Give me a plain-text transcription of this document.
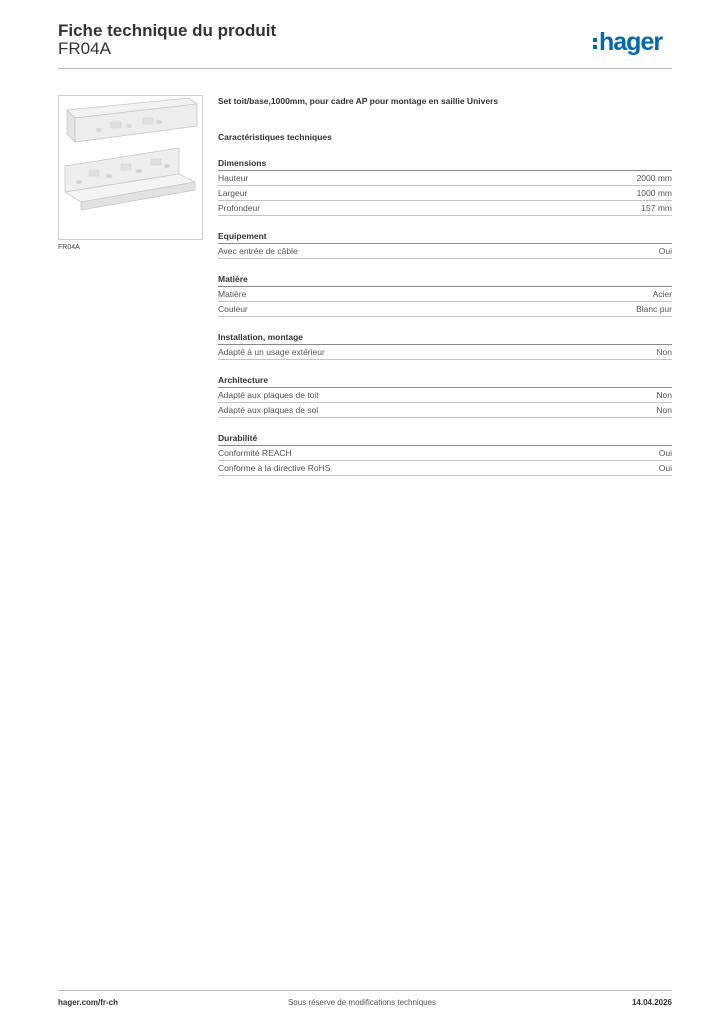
Fiche technique du produit
FR04A	hager
FR04A
Set toit/base,1000mm, pour cadre AP pour montage en saillie Univers
Caractéristiques techniques
Dimensions
Hauteur	2000 mm
Largeur	1000 mm
Profondeur	157 mm
Equipement
Avec entrée de câble	Oui
Matière
Matière	Acier
Couleur	Blanc pur
Installation, montage
Adapté à un usage extérieur	Non
Architecture
Adapté aux plaques de toit	Non
Adapté aux plaques de sol	Non
Durabilité
Conformité REACH	Oui
Conforme à la directive RoHS	Oui
hager.com/fr-ch	Sous réserve de modifications techniques	14.04.2026
